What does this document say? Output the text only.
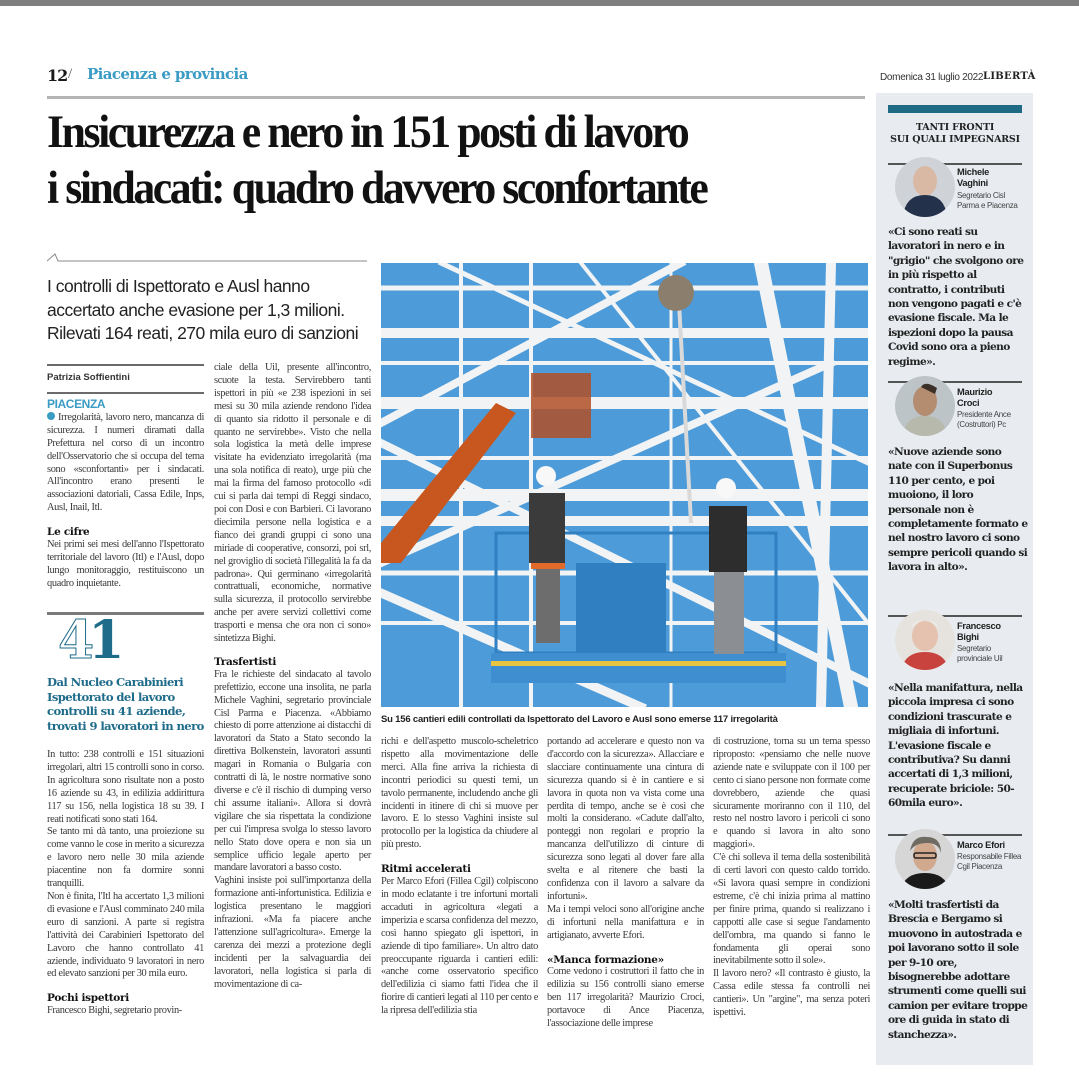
12 / Piacenza e provincia	Domenica 31 luglio 2022 LIBERTÀ
Insicurezza e nero in 151 posti di lavoro
i sindacati: quadro davvero sconfortante
I controlli di Ispettorato e Ausl hanno
accertato anche evasione per 1,3 milioni.
Rilevati 164 reati, 270 mila euro di sanzioni
Patrizia Soffientini
PIACENZA

Irregolarità, lavoro nero, mancanza di sicurezza. I numeri diramati dalla Prefettura nel corso di un incontro dell'Osservatorio che si occupa del tema sono «sconfortanti» per i sindacati. All'incontro erano presenti le associazioni datoriali, Cassa Edile, Inps, Ausl, Inail, Itl.

Le cifre

Nei primi sei mesi dell'anno l'Ispettorato territoriale del lavoro (Itl) e l'Ausl, dopo lungo monitoraggio, restituiscono un quadro inquietante.

41
Dal Nucleo Carabinieri Ispettorato del lavoro controlli su 41 aziende, trovati 9 lavoratori in nero

In tutto: 238 controlli e 151 situazioni irregolari, altri 15 controlli sono in corso. In agricoltura sono risultate non a posto 16 aziende su 43, in edilizia addirittura 117 su 156, nella logistica 18 su 39. I reati notificati sono stati 164.

Se tanto mi dà tanto, una proiezione su come vanno le cose in merito a sicurezza e lavoro nero nelle 30 mila aziende piacentine non fa dormire sonni tranquilli.

Non è finita, l'Itl ha accertato 1,3 milioni di evasione e l'Ausl comminato 240 mila euro di sanzioni. A parte si registra l'attività dei Carabinieri Ispettorato del Lavoro che hanno controllato 41 aziende, individuato 9 lavoratori in nero ed elevato sanzioni per 30 mila euro.

Pochi ispettori

Francesco Bighi, segretario provin-

ciale della Uil, presente all'incontro, scuote la testa. Servirebbero tanti ispettori in più «e 238 ispezioni in sei mesi su 30 mila aziende rendono l'idea di quanto sia ridotto il personale e di quanto ne servirebbe». Visto che nella sola logistica la metà delle imprese visitate ha evidenziato irregolarità (ma una sola notifica di reato), urge più che mai la firma del famoso protocollo «di cui si parla dai tempi di Reggi sindaco, poi con Dosi e con Barbieri. Ci lavorano diecimila persone nella logistica e a fianco dei grandi gruppi ci sono una miriade di cooperative, consorzi, poi srl, nel groviglio di società l'illegalità la fa da padrona». Qui germinano «irregolarità contrattuali, economiche, normative sulla sicurezza, il protocollo servirebbe anche per avere servizi collettivi come trasporti e mensa che ora non ci sono» sintetizza Bighi.

Trasfertisti

Fra le richieste del sindacato al tavolo prefettizio, eccone una insolita, ne parla Michele Vaghini, segretario provinciale Cisl Parma e Piacenza. «Abbiamo chiesto di porre attenzione ai distacchi di lavoratori da Stato a Stato secondo la direttiva Bolkenstein, lavoratori assunti magari in Romania o Bulgaria con contratti di là, le nostre normative sono diverse e c'è il rischio di dumping verso chi assume italiani». Allora si dovrà vigilare che sia rispettata la condizione per cui l'impresa svolga lo stesso lavoro nello Stato dove opera e non sia un semplice ufficio legale aperto per mandare lavoratori a basso costo.

Vaghini insiste poi sull'importanza della formazione anti-infortunistica. Edilizia e logistica presentano le maggiori infrazioni. «Ma fa piacere anche l'attenzione sull'agricoltura». Emerge la carenza dei mezzi a protezione degli incidenti per la salvaguardia dei lavoratori, nella logistica si parla di movimentazione di ca-

Su 156 cantieri edili controllati da Ispettorato del Lavoro e Ausl sono emerse 117 irregolarità

richi e dell'aspetto muscolo-scheletrico rispetto alla movimentazione delle merci. Alla fine arriva la richiesta di incontri periodici su questi temi, un tavolo permanente, includendo anche gli incidenti in itinere di chi si muove per lavoro. E lo stesso Vaghini insiste sul protocollo per la logistica da chiudere al più presto.

Ritmi accelerati

Per Marco Efori (Fillea Cgil) colpiscono in modo eclatante i tre infortuni mortali accaduti in agricoltura «legati a imperizia e scarsa confidenza del mezzo, così hanno spiegato gli ispettori, in aziende di tipo familiare». Un altro dato preoccupante riguarda i cantieri edili: «anche come osservatorio specifico dell'edilizia ci siamo fatti l'idea che il fiorire di cantieri legati al 110 per cento e la ripresa dell'edilizia stia

portando ad accelerare e questo non va d'accordo con la sicurezza». Allacciare e slacciare continuamente una cintura di sicurezza quando si è in cantiere e si lavora in quota non va vista come una perdita di tempo, anche se è così che molti la considerano. «Cadute dall'alto, ponteggi non regolari e proprio la mancanza dell'utilizzo di cinture di sicurezza sono legati al dover fare alla svelta e al ritenere che basti la confidenza con il lavoro a salvare da infortuni».

Ma i tempi veloci sono all'origine anche di infortuni nella manifattura e in artigianato, avverte Efori.

«Manca formazione»

Come vedono i costruttori il fatto che in edilizia su 156 controlli siano emerse ben 117 irregolarità? Maurizio Croci, portavoce di Ance Piacenza, l'associazione delle imprese

di costruzione, torna su un tema spesso riproposto: «pensiamo che nelle nuove aziende nate e sviluppate con il 100 per cento ci siano persone non formate come dovrebbero, aziende che quasi sicuramente moriranno con il 110, del resto nel nostro lavoro i pericoli ci sono e quando si lavora in alto sono maggiori».

C'è chi solleva il tema della sostenibilità di certi lavori con questo caldo torrido. «Si lavora quasi sempre in condizioni estreme, c'è chi inizia prima al mattino per finire prima, quando si realizzano i cappotti alle case si segue l'andamento dell'ombra, ma quando si fanno le fondamenta gli operai sono inevitabilmente sotto il sole».

Il lavoro nero? «Il contrasto è giusto, la Cassa edile stessa fa controlli nei cantieri». Un "argine", ma senza poteri ispettivi.

TANTI FRONTI
SUI QUALI IMPEGNARSI
Michele
Vaghini
Segretario Cisl Parma e Piacenza
«Ci sono reati su lavoratori in nero e in "grigio" che svolgono ore in più rispetto al contratto, i contributi non vengono pagati e c'è evasione fiscale. Ma le ispezioni dopo la pausa Covid sono ora a pieno regime».
Maurizio
Croci
Presidente Ance (Costruttori) Pc
«Nuove aziende sono nate con il Superbonus 110 per cento, e poi muoiono, il loro personale non è completamente formato e nel nostro lavoro ci sono sempre pericoli quando si lavora in alto».
Francesco
Bighi
Segretario provinciale Uil
«Nella manifattura, nella piccola impresa ci sono condizioni trascurate e migliaia di infortuni. L'evasione fiscale e contributiva? Su danni accertati di 1,3 milioni, recuperate briciole: 50-60mila euro».
Marco Efori
Responsabile Fillea Cgil Piacenza
«Molti trasfertisti da Brescia e Bergamo si muovono in autostrada e poi lavorano sotto il sole per 9-10 ore, bisognerebbe adottare strumenti come quelli sui camion per evitare troppe ore di guida in stato di stanchezza».
